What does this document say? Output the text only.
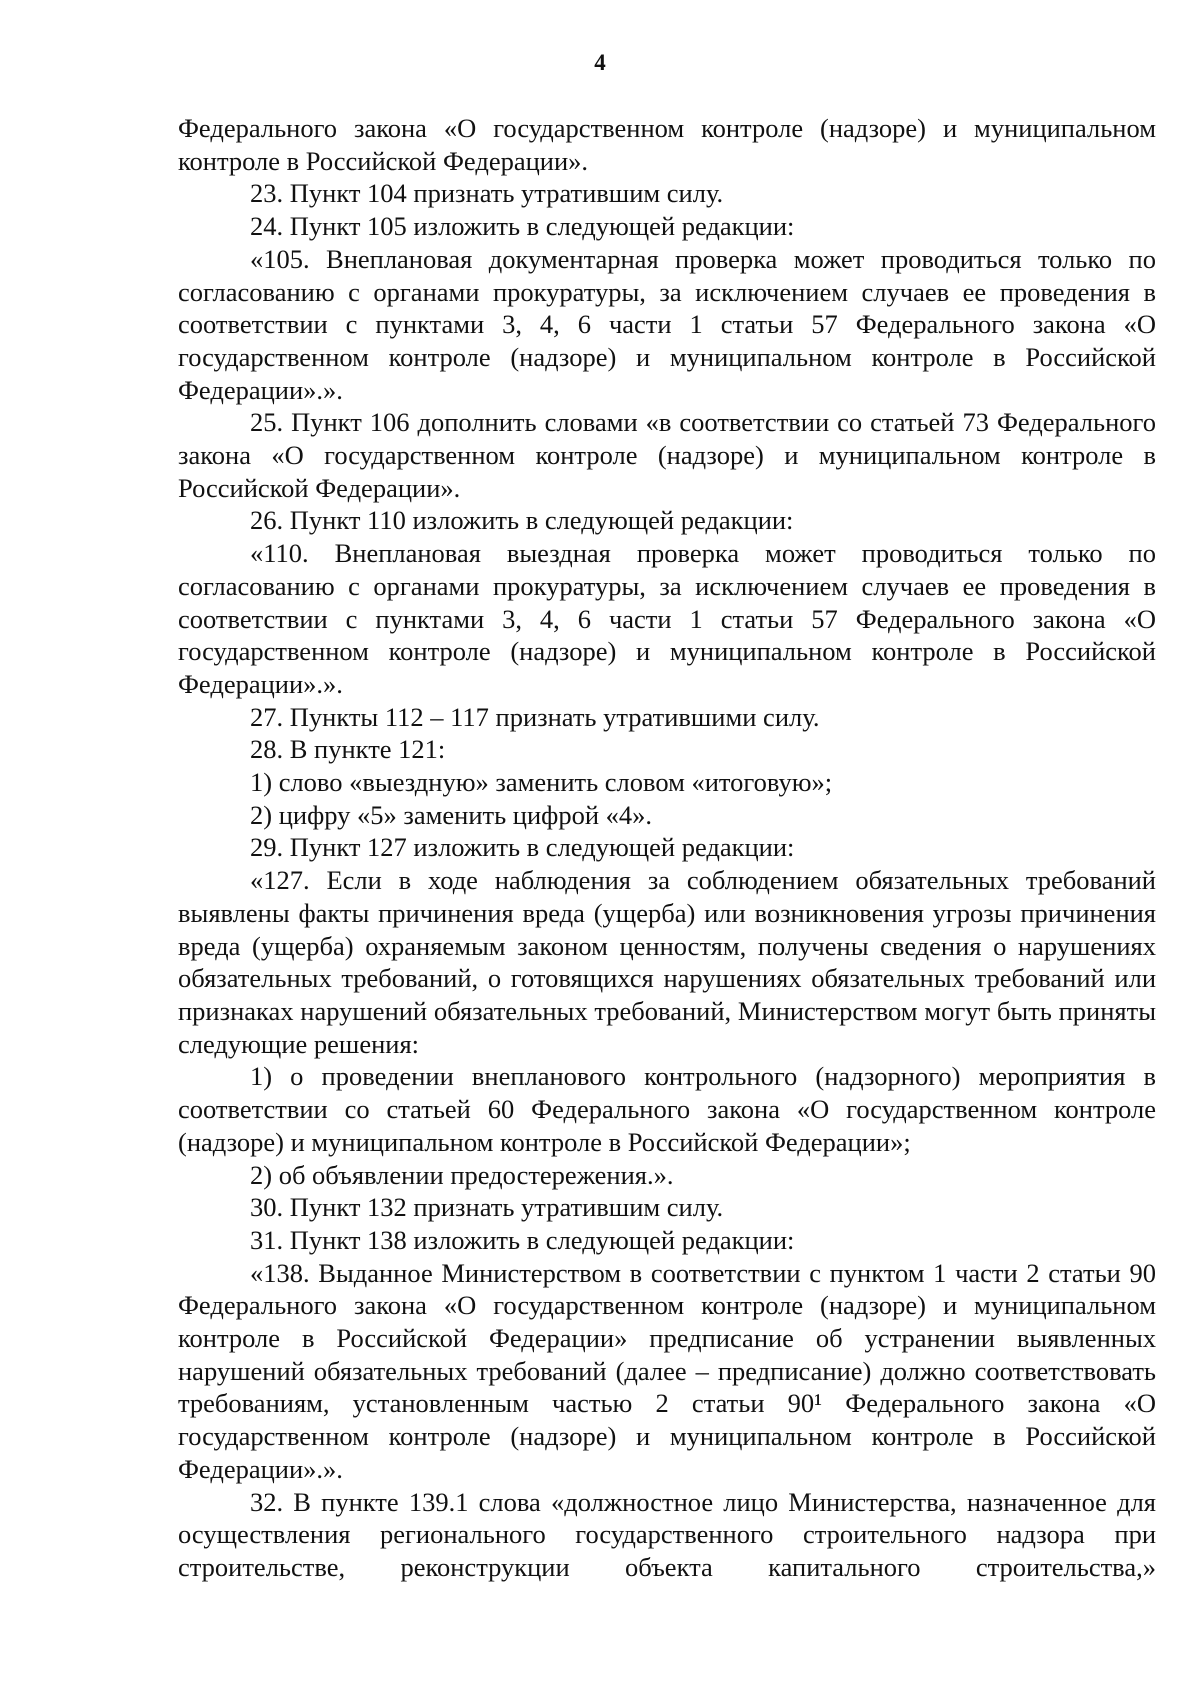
4

Федерального закона «О государственном контроле (надзоре) и муниципальном контроле в Российской Федерации».

23. Пункт 104 признать утратившим силу.

24. Пункт 105 изложить в следующей редакции:

«105. Внеплановая документарная проверка может проводиться только по согласованию с органами прокуратуры, за исключением случаев ее проведения в соответствии с пунктами 3, 4, 6 части 1 статьи 57 Федерального закона «О государственном контроле (надзоре) и муниципальном контроле в Российской Федерации».».

25. Пункт 106 дополнить словами «в соответствии со статьей 73 Федерального закона «О государственном контроле (надзоре) и муниципальном контроле в Российской Федерации».

26. Пункт 110 изложить в следующей редакции:

«110. Внеплановая выездная проверка может проводиться только по согласованию с органами прокуратуры, за исключением случаев ее проведения в соответствии с пунктами 3, 4, 6 части 1 статьи 57 Федерального закона «О государственном контроле (надзоре) и муниципальном контроле в Российской Федерации».».

27. Пункты 112 – 117 признать утратившими силу.

28. В пункте 121:

1) слово «выездную» заменить словом «итоговую»;

2) цифру «5» заменить цифрой «4».

29. Пункт 127 изложить в следующей редакции:

«127. Если в ходе наблюдения за соблюдением обязательных требований выявлены факты причинения вреда (ущерба) или возникновения угрозы причинения вреда (ущерба) охраняемым законом ценностям, получены сведения о нарушениях обязательных требований, о готовящихся нарушениях обязательных требований или признаках нарушений обязательных требований, Министерством могут быть приняты следующие решения:

1) о проведении внепланового контрольного (надзорного) мероприятия в соответствии со статьей 60 Федерального закона «О государственном контроле (надзоре) и муниципальном контроле в Российской Федерации»;

2) об объявлении предостережения.».

30. Пункт 132 признать утратившим силу.

31. Пункт 138 изложить в следующей редакции:

«138. Выданное Министерством в соответствии с пунктом 1 части 2 статьи 90 Федерального закона «О государственном контроле (надзоре) и муниципальном контроле в Российской Федерации» предписание об устранении выявленных нарушений обязательных требований (далее – предписание) должно соответствовать требованиям, установленным частью 2 статьи 90¹ Федерального закона «О государственном контроле (надзоре) и муниципальном контроле в Российской Федерации».».

32. В пункте 139.1 слова «должностное лицо Министерства, назначенное для осуществления регионального государственного строительного надзора при строительстве, реконструкции объекта капитального строительства,»
